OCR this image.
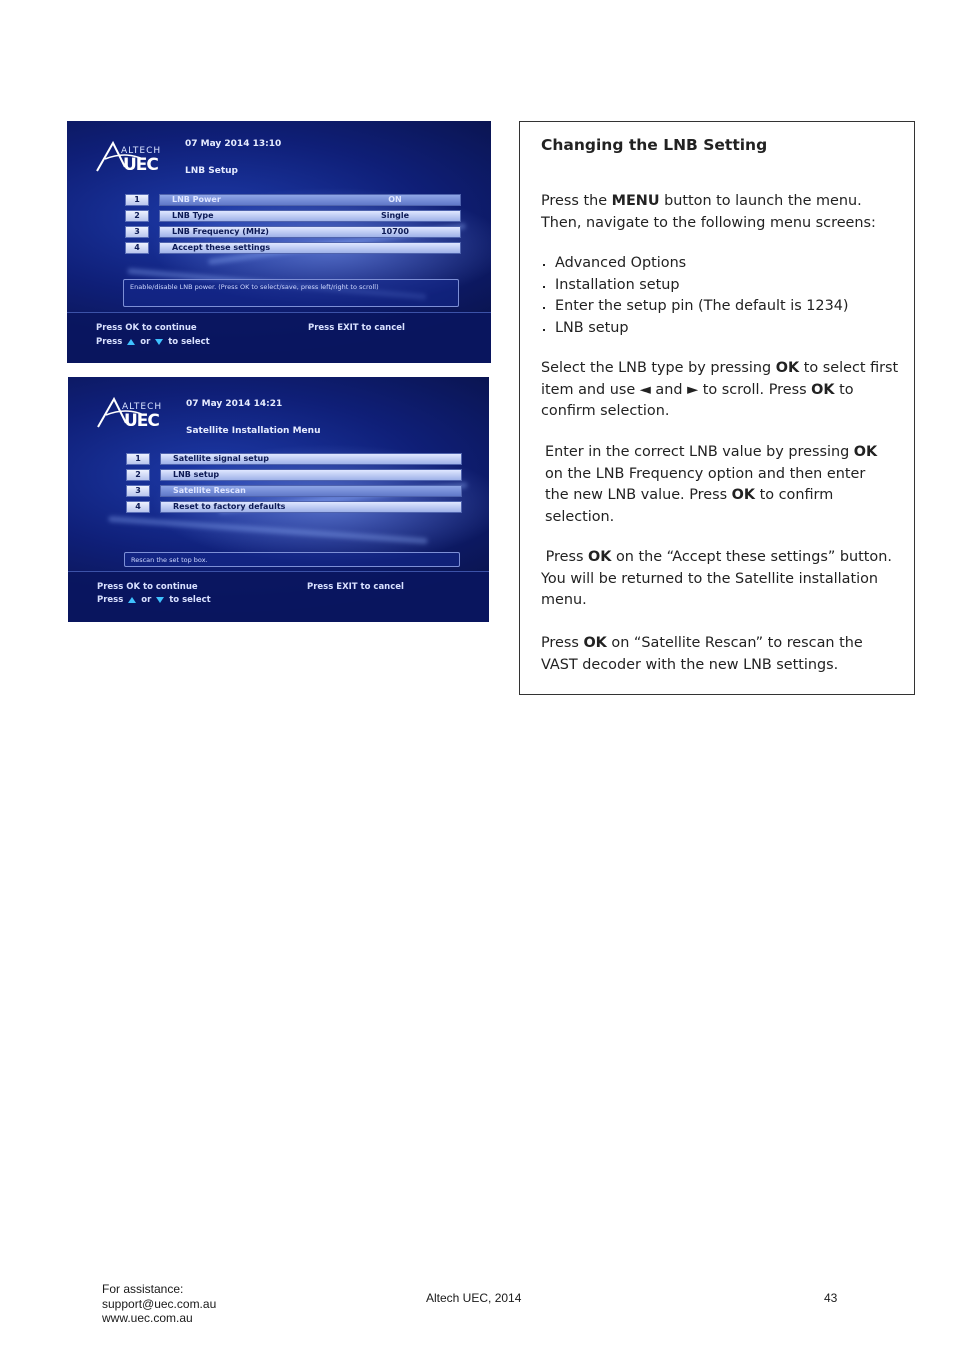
ALTECH
UEC
07 May 2014 13:10
LNB Setup
1	LNB Power	ON
2	LNB Type	Single
3	LNB Frequency (MHz)	10700
4	Accept these settings
Enable/disable LNB power. (Press OK to select/save, press left/right to scroll)
Press OK to continue	Press EXIT to cancel
Press or to select
ALTECH
UEC
07 May 2014 14:21
Satellite Installation Menu
1	Satellite signal setup
2	LNB setup
3	Satellite Rescan
4	Reset to factory defaults
Rescan the set top box.
Press OK to continue	Press EXIT to cancel
Press or to select
Changing the LNB Setting

Press the MENU button to launch the menu. Then, navigate to the following menu screens:

Advanced Options
Installation setup
Enter the setup pin (The default is 1234)
LNB setup

Select the LNB type by pressing OK to select first item and use ◄ and ► to scroll. Press OK to confirm selection.

Enter in the correct LNB value by pressing OK on the LNB Frequency option and then enter the new LNB value. Press OK to confirm selection.

Press OK on the “Accept these settings” button. You will be returned to the Satellite installation menu.

Press OK on “Satellite Rescan” to rescan the VAST decoder with the new LNB settings.

For assistance:
support@uec.com.au
www.uec.com.au
Altech UEC, 2014	43
